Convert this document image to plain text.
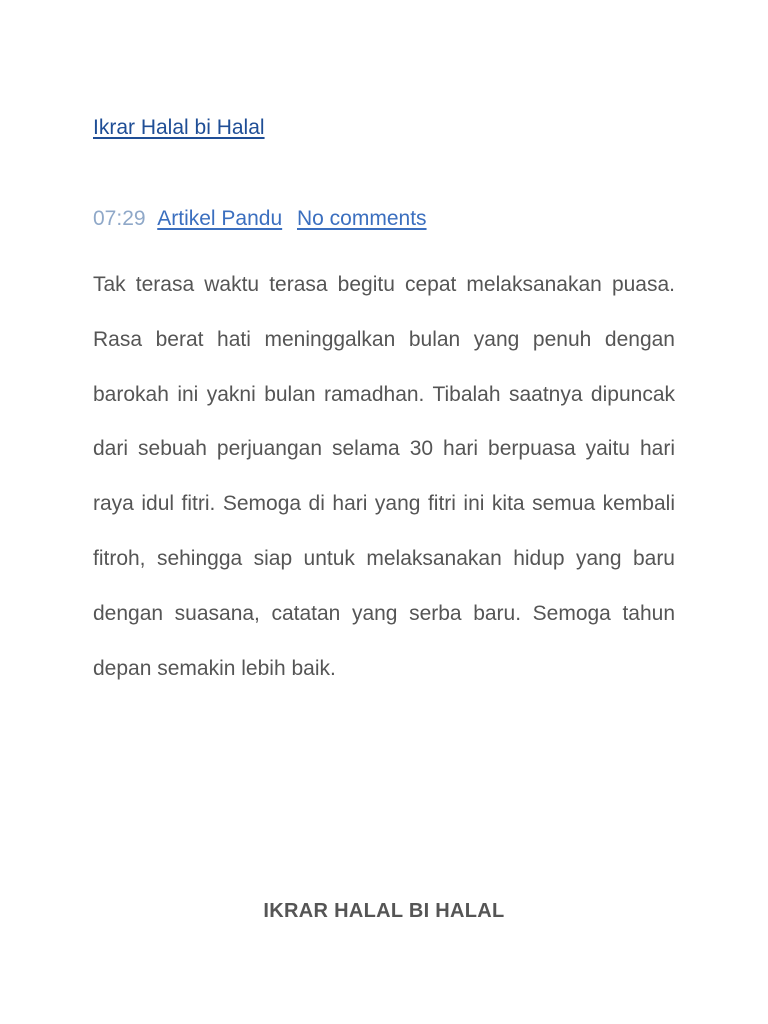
Ikrar Halal bi Halal
07:29 Artikel Pandu No comments

Tak terasa waktu terasa begitu cepat melaksanakan puasa. Rasa berat hati meninggalkan bulan yang penuh dengan barokah ini yakni bulan ramadhan. Tibalah saatnya dipuncak dari sebuah perjuangan selama 30 hari berpuasa yaitu hari raya idul fitri. Semoga di hari yang fitri ini kita semua kembali fitroh, sehingga siap untuk melaksanakan hidup yang baru dengan suasana, catatan yang serba baru. Semoga tahun depan semakin lebih baik.

IKRAR HALAL BI HALAL
